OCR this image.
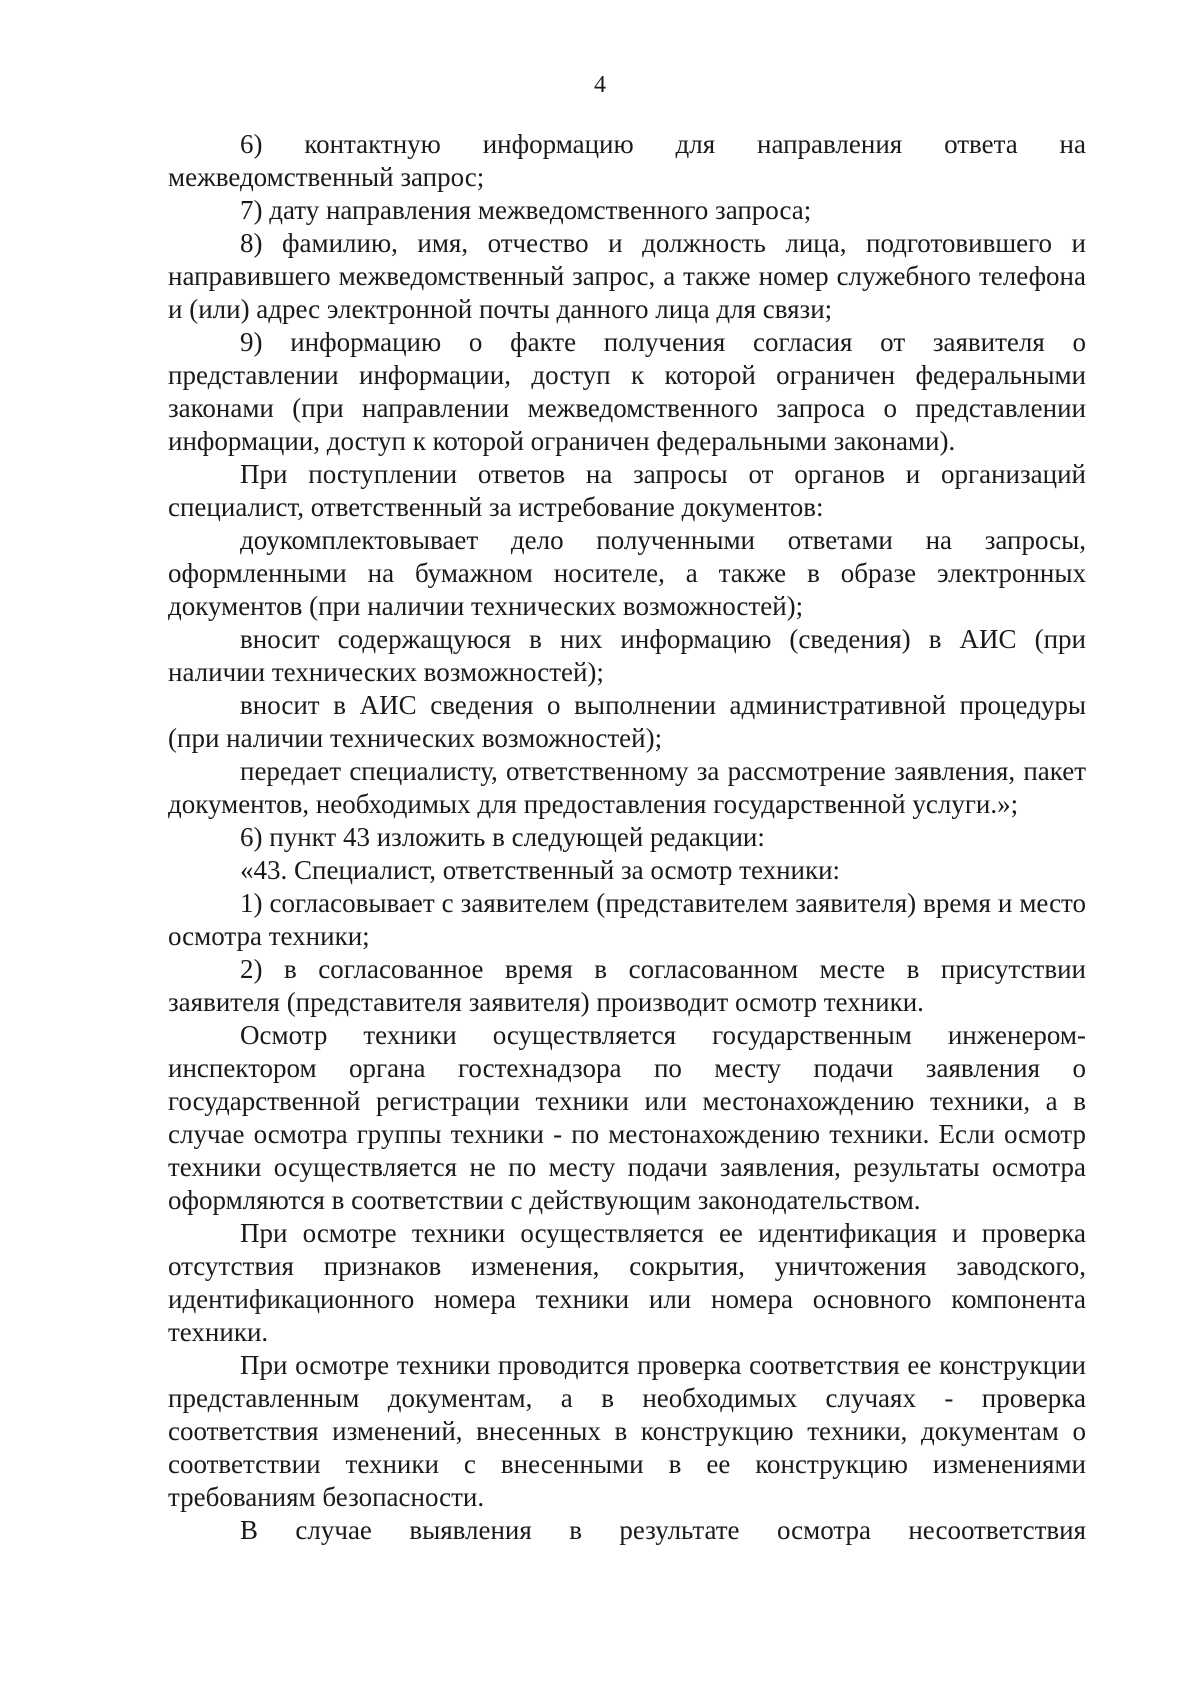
4

6) контактную информацию для направления ответа на межведомственный запрос;

7) дату направления межведомственного запроса;

8) фамилию, имя, отчество и должность лица, подготовившего и направившего межведомственный запрос, а также номер служебного телефона и (или) адрес электронной почты данного лица для связи;

9) информацию о факте получения согласия от заявителя о представлении информации, доступ к которой ограничен федеральными законами (при направлении межведомственного запроса о представлении информации, доступ к которой ограничен федеральными законами).

При поступлении ответов на запросы от органов и организаций специалист, ответственный за истребование документов:

доукомплектовывает дело полученными ответами на запросы, оформленными на бумажном носителе, а также в образе электронных документов (при наличии технических возможностей);

вносит содержащуюся в них информацию (сведения) в АИС (при наличии технических возможностей);

вносит в АИС сведения о выполнении административной процедуры (при наличии технических возможностей);

передает специалисту, ответственному за рассмотрение заявления, пакет документов, необходимых для предоставления государственной услуги.»;

6) пункт 43 изложить в следующей редакции:

«43. Специалист, ответственный за осмотр техники:

1) согласовывает с заявителем (представителем заявителя) время и место осмотра техники;

2) в согласованное время в согласованном месте в присутствии заявителя (представителя заявителя) производит осмотр техники.

Осмотр техники осуществляется государственным инженером-инспектором органа гостехнадзора по месту подачи заявления о государственной регистрации техники или местонахождению техники, а в случае осмотра группы техники - по местонахождению техники. Если осмотр техники осуществляется не по месту подачи заявления, результаты осмотра оформляются в соответствии с действующим законодательством.

При осмотре техники осуществляется ее идентификация и проверка отсутствия признаков изменения, сокрытия, уничтожения заводского, идентификационного номера техники или номера основного компонента техники.

При осмотре техники проводится проверка соответствия ее конструкции представленным документам, а в необходимых случаях - проверка соответствия изменений, внесенных в конструкцию техники, документам о соответствии техники с внесенными в ее конструкцию изменениями требованиям безопасности.

В случае выявления в результате осмотра несоответствия
